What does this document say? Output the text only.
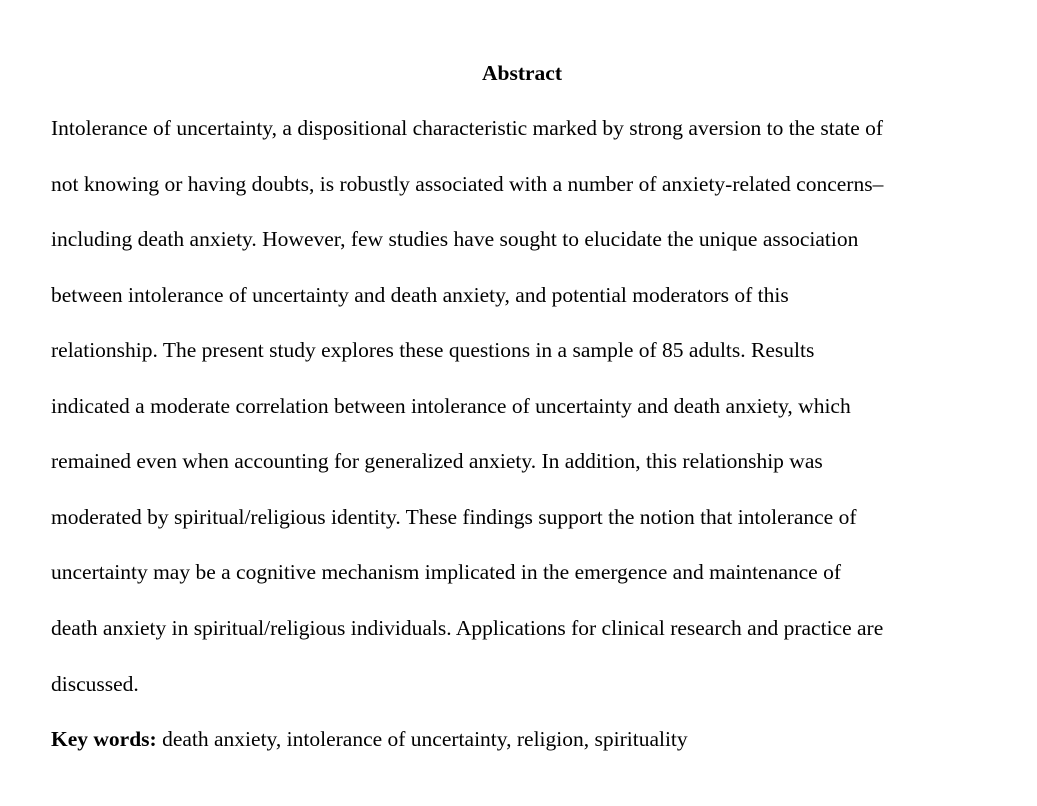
Abstract

Intolerance of uncertainty, a dispositional characteristic marked by strong aversion to the state of

not knowing or having doubts, is robustly associated with a number of anxiety-related concerns–

including death anxiety. However, few studies have sought to elucidate the unique association

between intolerance of uncertainty and death anxiety, and potential moderators of this

relationship. The present study explores these questions in a sample of 85 adults. Results

indicated a moderate correlation between intolerance of uncertainty and death anxiety, which

remained even when accounting for generalized anxiety. In addition, this relationship was

moderated by spiritual/religious identity. These findings support the notion that intolerance of

uncertainty may be a cognitive mechanism implicated in the emergence and maintenance of

death anxiety in spiritual/religious individuals. Applications for clinical research and practice are

discussed.

Key words: death anxiety, intolerance of uncertainty, religion, spirituality
